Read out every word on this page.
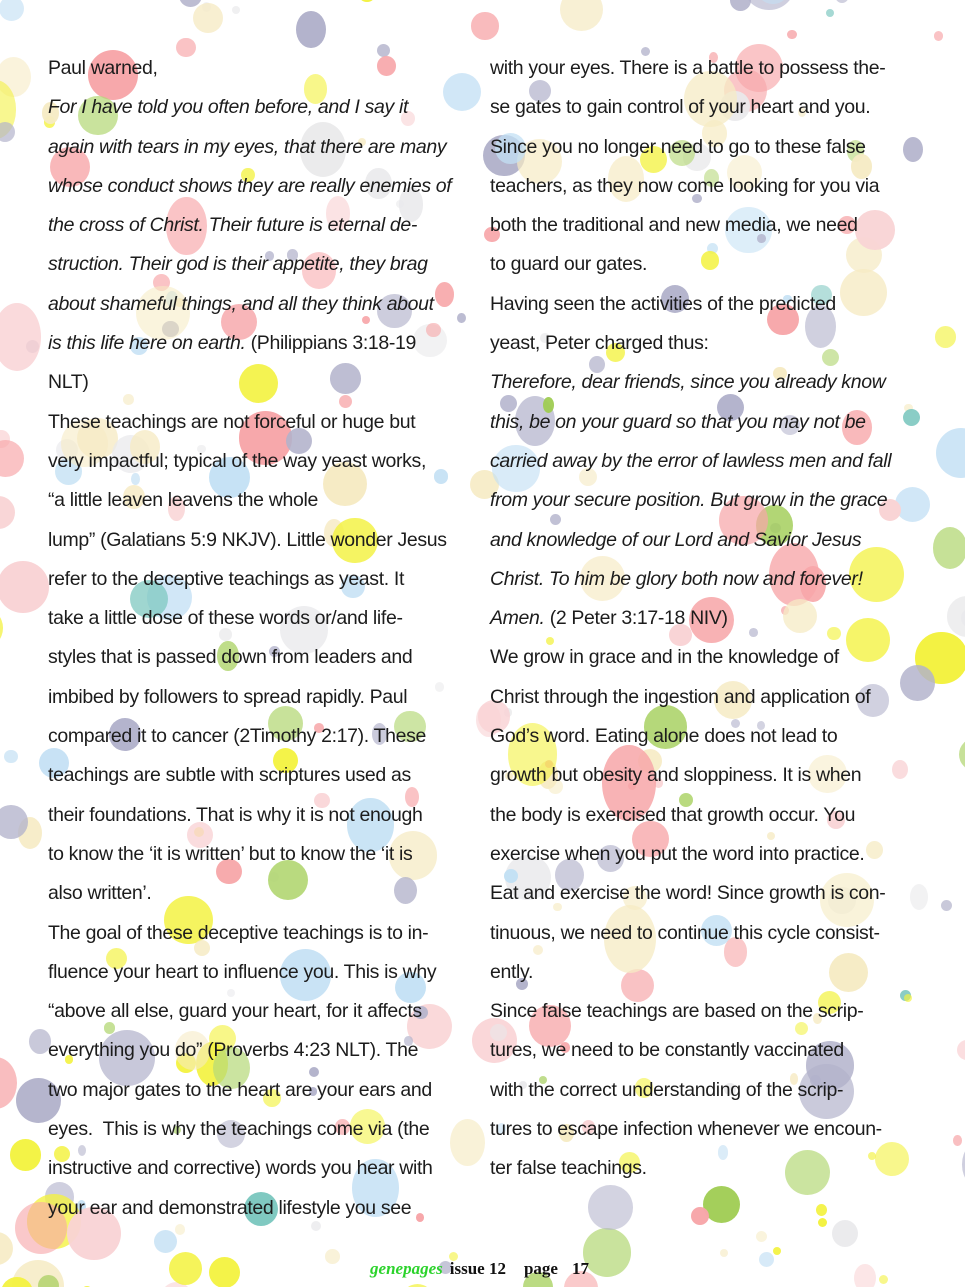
Paul warned,
For I have told you often before, and I say it
again with tears in my eyes, that there are many
whose conduct shows they are really enemies of
the cross of Christ. Their future is eternal de-
struction. Their god is their appetite, they brag
about shameful things, and all they think about
is this life here on earth. (Philippians 3:18-19
NLT)
These teachings are not forceful or huge but
very impactful; typical of the way yeast works,
“a little leaven leavens the whole
lump” (Galatians 5:9 NKJV). Little wonder Jesus
refer to the deceptive teachings as yeast. It
take a little dose of these words or/and life-
styles that is passed down from leaders and
imbibed by followers to spread rapidly. Paul
compared it to cancer (2Timothy 2:17). These
teachings are subtle with scriptures used as
their foundations. That is why it is not enough
to know the ‘it is written’ but to know the ‘it is
also written’.
The goal of these deceptive teachings is to in-
fluence your heart to influence you. This is why
“above all else, guard your heart, for it affects
everything you do” (Proverbs 4:23 NLT). The
two major gates to the heart are your ears and
eyes.  This is why the teachings come via (the
instructive and corrective) words you hear with
your ear and demonstrated lifestyle you see
with your eyes. There is a battle to possess the-
se gates to gain control of your heart and you.
Since you no longer need to go to these false
teachers, as they now come looking for you via
both the traditional and new media, we need
to guard our gates.
Having seen the activities of the predicted
yeast, Peter charged thus:
Therefore, dear friends, since you already know
this, be on your guard so that you may not be
carried away by the error of lawless men and fall
from your secure position. But grow in the grace
and knowledge of our Lord and Savior Jesus
Christ. To him be glory both now and forever!
Amen. (2 Peter 3:17-18 NIV)
We grow in grace and in the knowledge of
Christ through the ingestion and application of
God’s word. Eating alone does not lead to
growth but obesity and sloppiness. It is when
the body is exercised that growth occur. You
exercise when you put the word into practice.
Eat and exercise the word! Since growth is con-
tinuous, we need to continue this cycle consist-
ently.
Since false teachings are based on the scrip-
tures, we need to be constantly vaccinated
with the correct understanding of the scrip-
tures to escape infection whenever we encoun-
ter false teachings.
genepages issue 12 page 17
